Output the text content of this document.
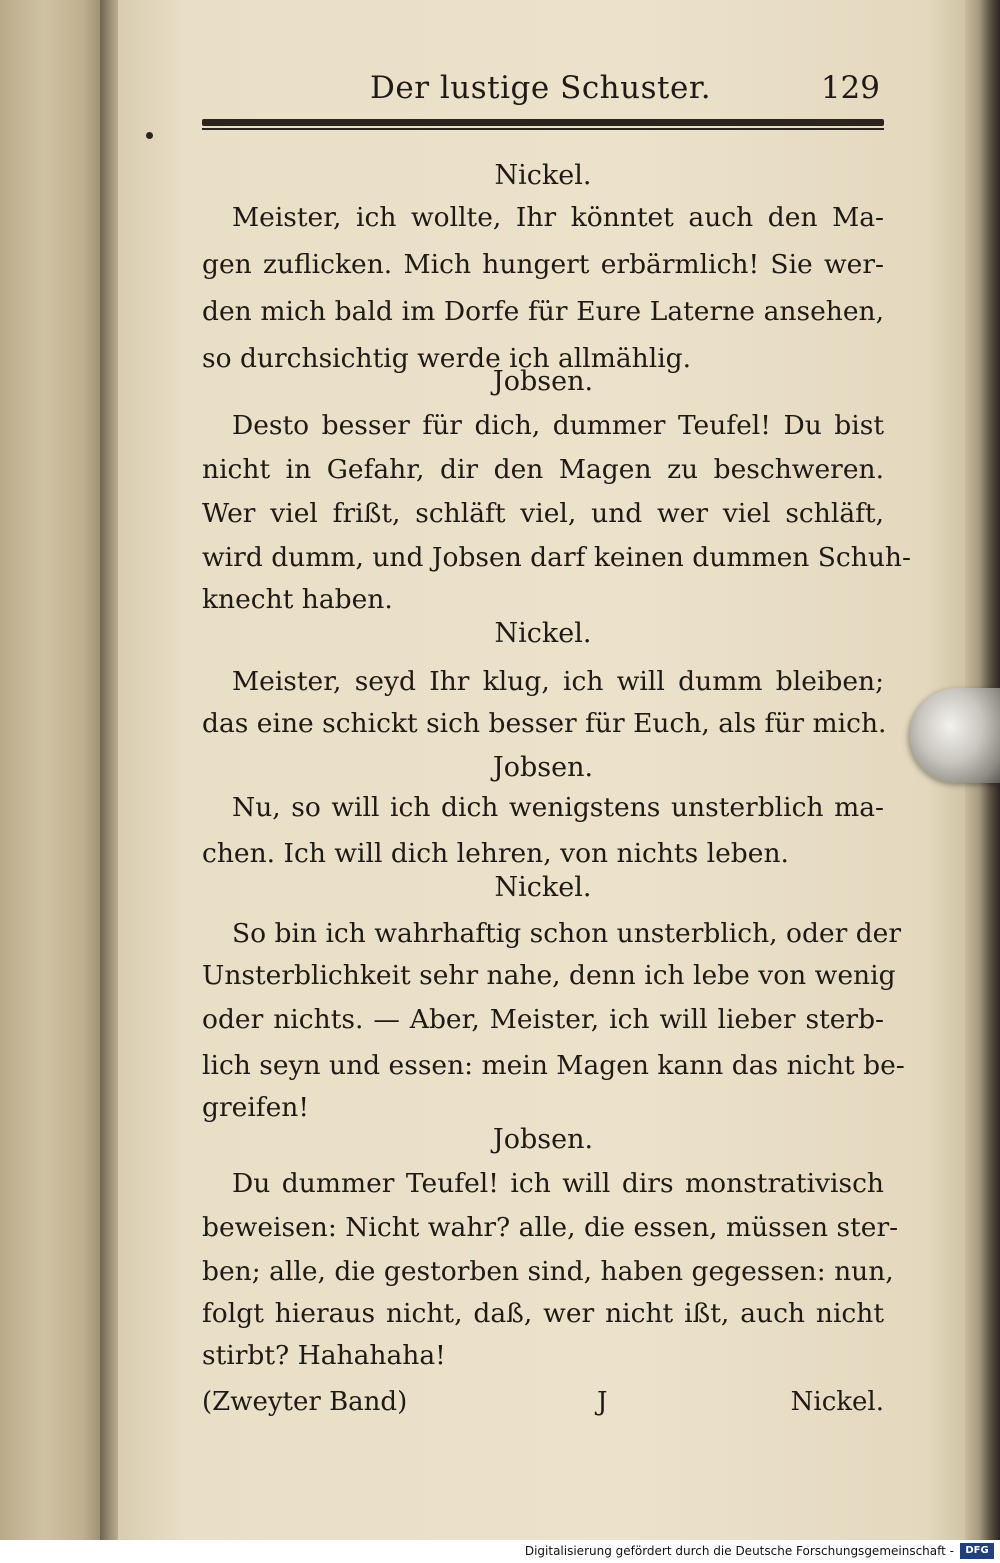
Der lustige Schuster.	129
Nickel.
Meister, ich wollte, Ihr könntet auch den Ma-
gen zuflicken. Mich hungert erbärmlich! Sie wer-
den mich bald im Dorfe für Eure Laterne ansehen,
so durchsichtig werde ich allmählig.
Jobsen.
Desto besser für dich, dummer Teufel! Du bist
nicht in Gefahr, dir den Magen zu beschweren.
Wer viel frißt, schläft viel, und wer viel schläft,
wird dumm, und Jobsen darf keinen dummen Schuh-
knecht haben.
Nickel.
Meister, seyd Ihr klug, ich will dumm bleiben;
das eine schickt sich besser für Euch, als für mich.
Jobsen.
Nu, so will ich dich wenigstens unsterblich ma-
chen. Ich will dich lehren, von nichts leben.
Nickel.
So bin ich wahrhaftig schon unsterblich, oder der
Unsterblichkeit sehr nahe, denn ich lebe von wenig
oder nichts. — Aber, Meister, ich will lieber sterb-
lich seyn und essen: mein Magen kann das nicht be-
greifen!
Jobsen.
Du dummer Teufel! ich will dirs monstrativisch
beweisen: Nicht wahr? alle, die essen, müssen ster-
ben; alle, die gestorben sind, haben gegessen: nun,
folgt hieraus nicht, daß, wer nicht ißt, auch nicht
stirbt? Hahahaha!
(Zweyter Band)	J	Nickel.
Digitalisierung gefördert durch die Deutsche Forschungsgemeinschaft -	DFG
